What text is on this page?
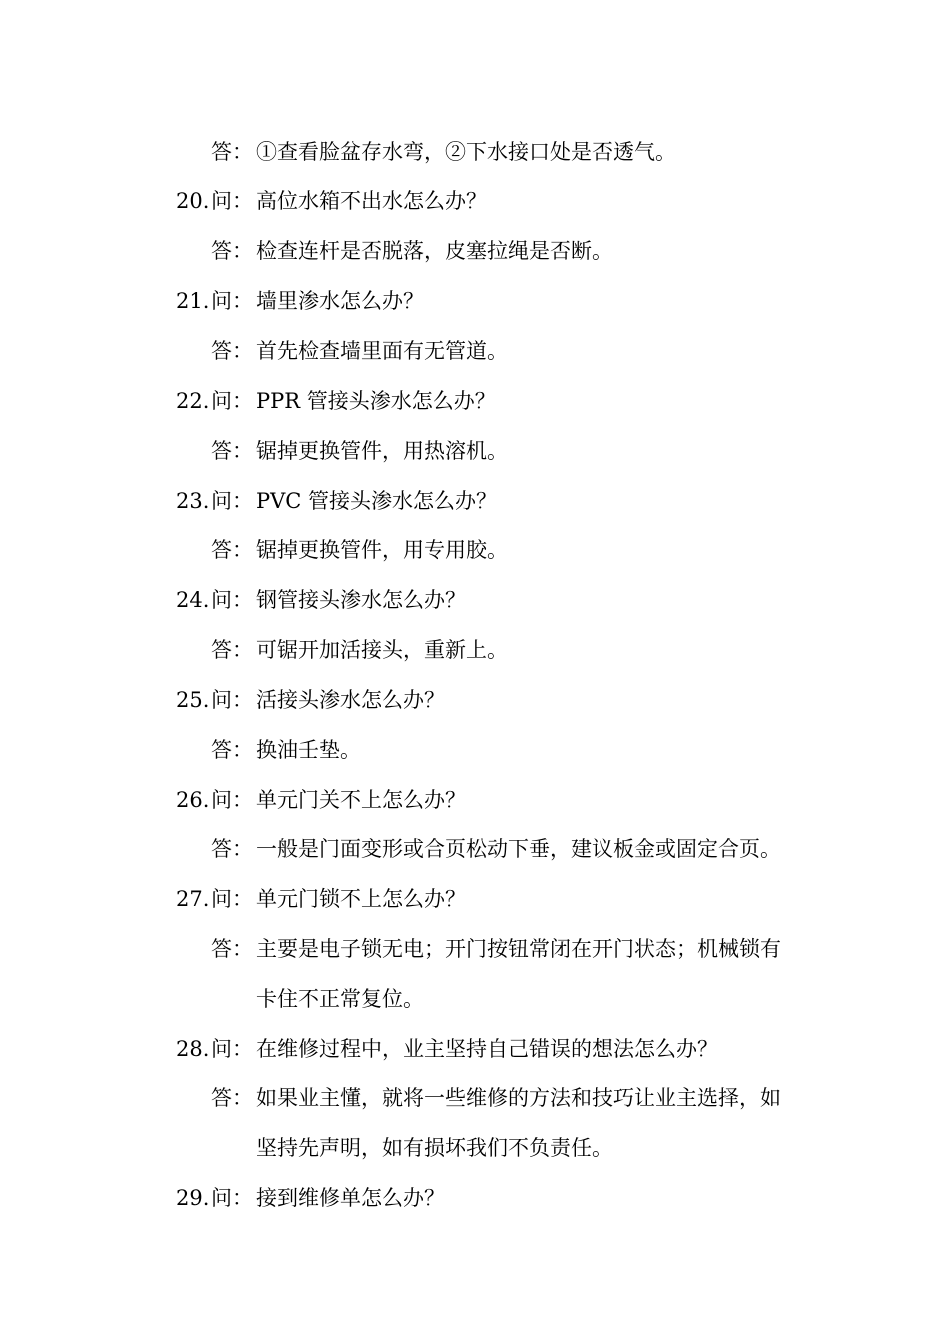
答： ①查看脸盆存水弯，②下水接口处是否透气。
20. 问： 高位水箱不出水怎么办？
答： 检查连杆是否脱落，皮塞拉绳是否断。
21. 问： 墙里渗水怎么办？
答： 首先检查墙里面有无管道。
22. 问： PPR 管接头渗水怎么办？
答： 锯掉更换管件，用热溶机。
23. 问： PVC 管接头渗水怎么办？
答： 锯掉更换管件，用专用胶。
24. 问： 钢管接头渗水怎么办？
答： 可锯开加活接头，重新上。
25. 问： 活接头渗水怎么办？
答： 换油壬垫。
26. 问： 单元门关不上怎么办？
答： 一般是门面变形或合页松动下垂，建议板金或固定合页。
27. 问： 单元门锁不上怎么办？
答： 主要是电子锁无电；开门按钮常闭在开门状态；机械锁有
卡住不正常复位。
28. 问： 在维修过程中，业主坚持自己错误的想法怎么办？
答： 如果业主懂，就将一些维修的方法和技巧让业主选择，如
坚持先声明，如有损坏我们不负责任。
29. 问： 接到维修单怎么办？
